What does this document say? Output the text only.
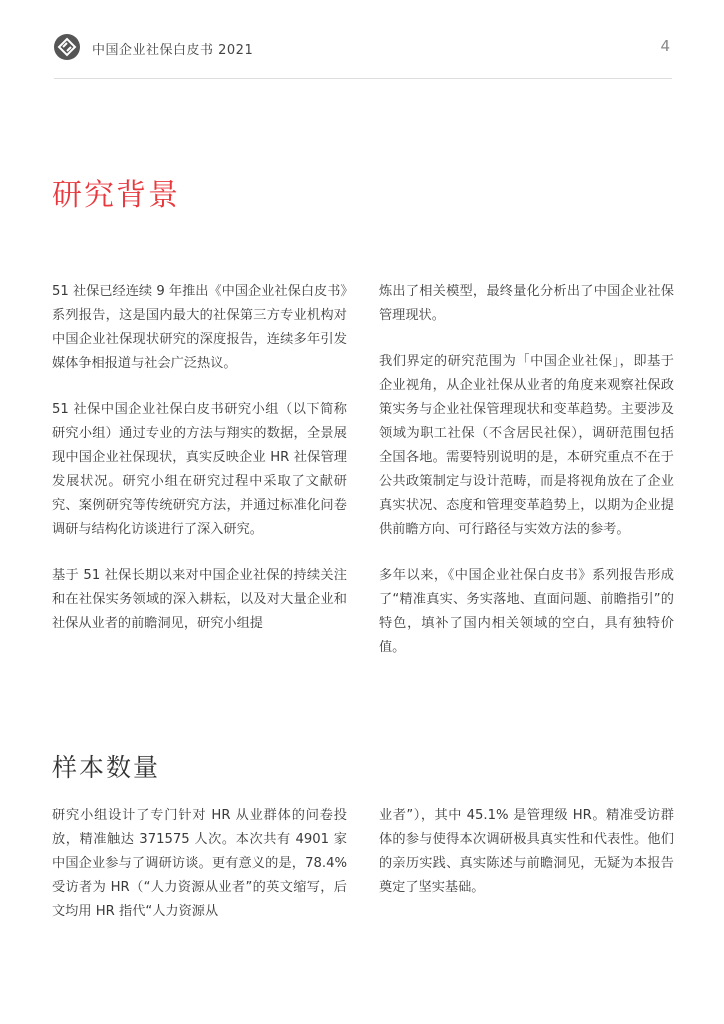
中国企业社保白皮书 2021	4
研究背景

51 社保已经连续 9 年推出《中国企业社保白皮书》系列报告，这是国内最大的社保第三方专业机构对中国企业社保现状研究的深度报告，连续多年引发媒体争相报道与社会广泛热议。

51 社保中国企业社保白皮书研究小组（以下简称研究小组）通过专业的方法与翔实的数据，全景展现中国企业社保现状，真实反映企业 HR 社保管理发展状况。研究小组在研究过程中采取了文献研究、案例研究等传统研究方法，并通过标准化问卷调研与结构化访谈进行了深入研究。

基于 51 社保长期以来对中国企业社保的持续关注和在社保实务领域的深入耕耘，以及对大量企业和社保从业者的前瞻洞见，研究小组提

炼出了相关模型，最终量化分析出了中国企业社保管理现状。

我们界定的研究范围为「中国企业社保」，即基于企业视角，从企业社保从业者的角度来观察社保政策实务与企业社保管理现状和变革趋势。主要涉及领域为职工社保（不含居民社保），调研范围包括全国各地。需要特别说明的是，本研究重点不在于公共政策制定与设计范畴，而是将视角放在了企业真实状况、态度和管理变革趋势上，以期为企业提供前瞻方向、可行路径与实效方法的参考。

多年以来，《中国企业社保白皮书》系列报告形成了“精准真实、务实落地、直面问题、前瞻指引”的特色，填补了国内相关领域的空白，具有独特价值。

样本数量

研究小组设计了专门针对 HR 从业群体的问卷投放，精准触达 371575 人次。本次共有 4901 家中国企业参与了调研访谈。更有意义的是，78.4% 受访者为 HR（“人力资源从业者”的英文缩写，后文均用 HR 指代“人力资源从

业者”），其中 45.1% 是管理级 HR。精准受访群体的参与使得本次调研极具真实性和代表性。他们的亲历实践、真实陈述与前瞻洞见，无疑为本报告奠定了坚实基础。
